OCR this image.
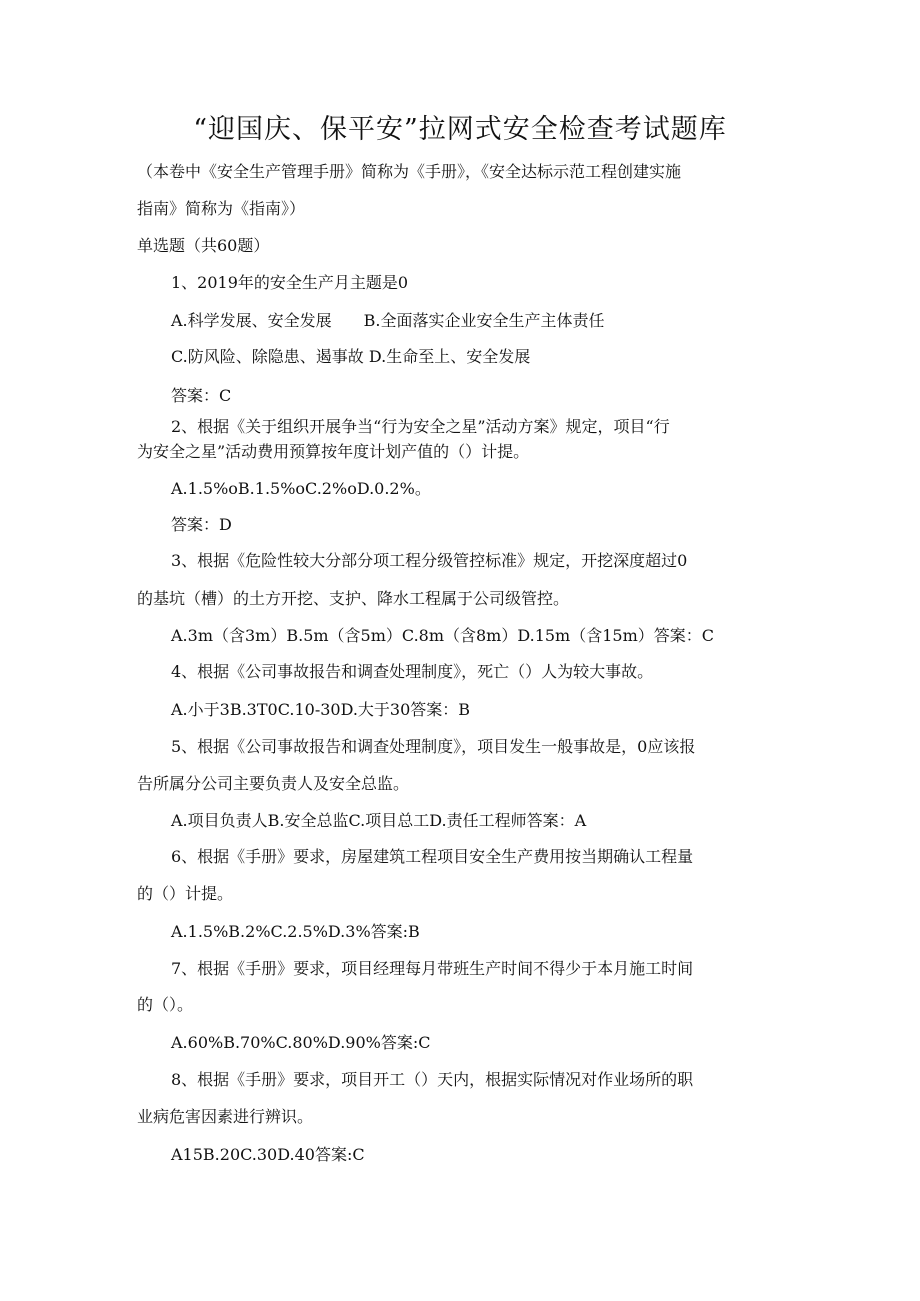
“迎国庆、保平安”拉网式安全检查考试题库
（本卷中《安全生产管理手册》简称为《手册》，《安全达标示范工程创建实施
指南》简称为《指南》）
单选题（共60题）
1、2019年的安全生产月主题是0
A.科学发展、安全发展　　B.全面落实企业安全生产主体责任
C.防风险、除隐患、遏事故 D.生命至上、安全发展
答案：C
2、根据《关于组织开展争当“行为安全之星”活动方案》规定，项目“行
为安全之星”活动费用预算按年度计划产值的（）计提。
A.1.5%oB.1.5%oC.2%oD.0.2%。
答案：D
3、根据《危险性较大分部分项工程分级管控标准》规定，开挖深度超过0
的基坑（槽）的土方开挖、支护、降水工程属于公司级管控。
A.3m（含3m）B.5m（含5m）C.8m（含8m）D.15m（含15m）答案：C
4、根据《公司事故报告和调查处理制度》，死亡（）人为较大事故。
A.小于3B.3T0C.10-30D.大于30答案：B
5、根据《公司事故报告和调查处理制度》，项目发生一般事故是，0应该报
告所属分公司主要负责人及安全总监。
A.项目负责人B.安全总监C.项目总工D.责任工程师答案：A
6、根据《手册》要求，房屋建筑工程项目安全生产费用按当期确认工程量
的（）计提。
A.1.5%B.2%C.2.5%D.3%答案:B
7、根据《手册》要求，项目经理每月带班生产时间不得少于本月施工时间
的（）。
A.60%B.70%C.80%D.90%答案:C
8、根据《手册》要求，项目开工（）天内，根据实际情况对作业场所的职
业病危害因素进行辨识。
A15B.20C.30D.40答案:C
